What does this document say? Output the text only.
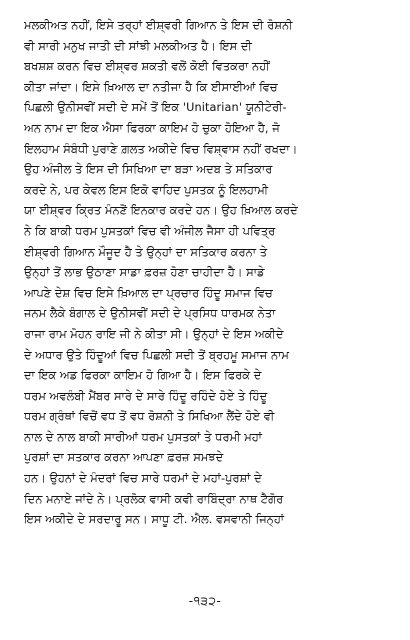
ਮਲਕੀਅਤ ਨਹੀਂ, ਇਸੇ ਤਰ੍ਹਾਂ ਈਸ਼੍ਵਰੀ ਗਿਆਨ ਤੇ ਇਸ ਦੀ ਰੋਸ਼ਨੀ
ਵੀ ਸਾਰੀ ਮਨੁਖ ਜਾਤੀ ਦੀ ਸਾਂਝੀ ਮਲਕੀਅਤ ਹੈ। ਇਸ ਦੀ
ਬਖਸ਼ਸ਼ ਕਰਨ ਵਿਚ ਈਸ਼੍ਵਰ ਸ਼ਕਤੀ ਵਲੋਂ ਕੋਈ ਵਿਤਕਰਾ ਨਹੀਂ
ਕੀਤਾ ਜਾਂਦਾ। ਇਸੇ ਖ਼ਿਆਲ ਦਾ ਨਤੀਜਾ ਹੈ ਕਿ ਈਸਾਈਆਂ ਵਿਚ
ਪਿਛਲੀ ਉਨੀਸਵੀਂ ਸਦੀ ਦੇ ਸਮੇਂ ਤੋਂ ਇਕ 'Unitarian' ਯੂਨੀਟੇਰੀ-
ਅਨ ਨਾਮ ਦਾ ਇਕ ਐਸਾ ਫਿਰਕਾ ਕਾਇਮ ਹੋ ਚੁਕਾ ਹੋਇਆ ਹੈ, ਜੋ
ਇਲਹਾਮ ਸੰਬੰਧੀ ਪੁਰਾਣੇ ਗ਼ਲਤ ਅਕੀਦੇ ਵਿਚ ਵਿਸ਼੍ਵਾਸ ਨਹੀਂ ਰਖਦਾ।
ਉਹ ਅੰਜੀਲ ਤੇ ਇਸ ਦੀ ਸਿਖਿਆ ਦਾ ਬੜਾ ਅਦਬ ਤੇ ਸਤਿਕਾਰ
ਕਰਦੇ ਨੇ, ਪਰ ਕੇਵਲ ਇਸ ਇਕੋ ਵਾਹਿਦ ਪੁਸਤਕ ਨੂੰ ਇਲਹਾਮੀ
ਯਾ ਈਸ਼੍ਵਰ ਕ੍ਰਿਤ ਮੰਨਣੋਂ ਇਨਕਾਰ ਕਰਦੇ ਹਨ। ਉਹ ਖ਼ਿਆਲ ਕਰਦੇ
ਨੇ ਕਿ ਬਾਕੀ ਧਰਮ ਪੁਸਤਕਾਂ ਵਿਚ ਵੀ ਅੰਜੀਲ ਜੈਸਾ ਹੀ ਪਵਿਤ੍ਰ
ਈਸ਼੍ਵਰੀ ਗਿਆਨ ਮੌਜੂਦ ਹੈ ਤੇ ਉਨ੍ਹਾਂ ਦਾ ਸਤਿਕਾਰ ਕਰਨਾ ਤੇ
ਉਨ੍ਹਾਂ ਤੋਂ ਲਾਭ ਉਠਾਣਾ ਸਾਡਾ ਫ਼ਰਜ਼ ਹੋਣਾ ਚਾਹੀਦਾ ਹੈ। ਸਾਡੇ
ਆਪਣੇ ਦੇਸ਼ ਵਿਚ ਇਸੇ ਖ਼ਿਆਲ ਦਾ ਪ੍ਰਚਾਰ ਹਿੰਦੂ ਸਮਾਜ ਵਿਚ
ਜਨਮ ਲੈਕੇ ਬੰਗਾਲ ਦੇ ਉਨੀਸਵੀਂ ਸਦੀ ਦੇ ਪ੍ਰਸਿਧ ਧਾਰਮਕ ਨੇਤਾ
ਰਾਜਾ ਰਾਮ ਮੋਹਨ ਰਾਇ ਜੀ ਨੇ ਕੀਤਾ ਸੀ। ਉਨ੍ਹਾਂ ਦੇ ਇਸ ਅਕੀਦੇ
ਦੇ ਅਧਾਰ ਉਤੇ ਹਿੰਦੂਆਂ ਵਿਚ ਪਿਛਲੀ ਸਦੀ ਤੋਂ ਬ੍ਰਹਮੂ ਸਮਾਜ ਨਾਮ
ਦਾ ਇਕ ਅਡ ਫਿਰਕਾ ਕਾਇਮ ਹੋ ਗਿਆ ਹੈ। ਇਸ ਫਿਰਕੇ ਦੇ
ਧਰਮ ਅਵਲੰਬੀ ਮੈਂਬਰ ਸਾਰੇ ਦੇ ਸਾਰੇ ਹਿੰਦੂ ਰਹਿੰਦੇ ਹੋਏ ਤੇ ਹਿੰਦੂ
ਧਰਮ ਗ੍ਰੰਥਾਂ ਵਿਚੋਂ ਵਧ ਤੋਂ ਵਧ ਰੋਸ਼ਨੀ ਤੇ ਸਿਖਿਆ ਲੈਂਦੇ ਹੋਏ ਵੀ
ਨਾਲ ਦੇ ਨਾਲ ਬਾਕੀ ਸਾਰੀਆਂ ਧਰਮ ਪੁਸਤਕਾਂ ਤੇ ਧਰਮੀ ਮਹਾਂ
ਪੁਰਸ਼ਾਂ ਦਾ ਸਤਕਾਰ ਕਰਨਾ ਆਪਣਾ ਫ਼ਰਜ਼ ਸਮਝਦੇ
ਹਨ। ਉਹਨਾਂ ਦੇ ਮੰਦਰਾਂ ਵਿਚ ਸਾਰੇ ਧਰਮਾਂ ਦੇ ਮਹਾਂ-ਪੁਰਸ਼ਾਂ ਦੇ
ਦਿਨ ਮਨਾਏ ਜਾਂਦੇ ਨੇ। ਪ੍ਰਲੋਕ ਵਾਸੀ ਕਵੀ ਰਾਬਿੰਦ੍ਰਾ ਨਾਥ ਟੈਗੋਰ
ਇਸ ਅਕੀਦੇ ਦੇ ਸਰਦਾਰੂ ਸਨ। ਸਾਧੂ ਟੀ. ਐਲ. ਵਸਵਾਨੀ ਜਿਨ੍ਹਾਂ
-੧੩੨-
